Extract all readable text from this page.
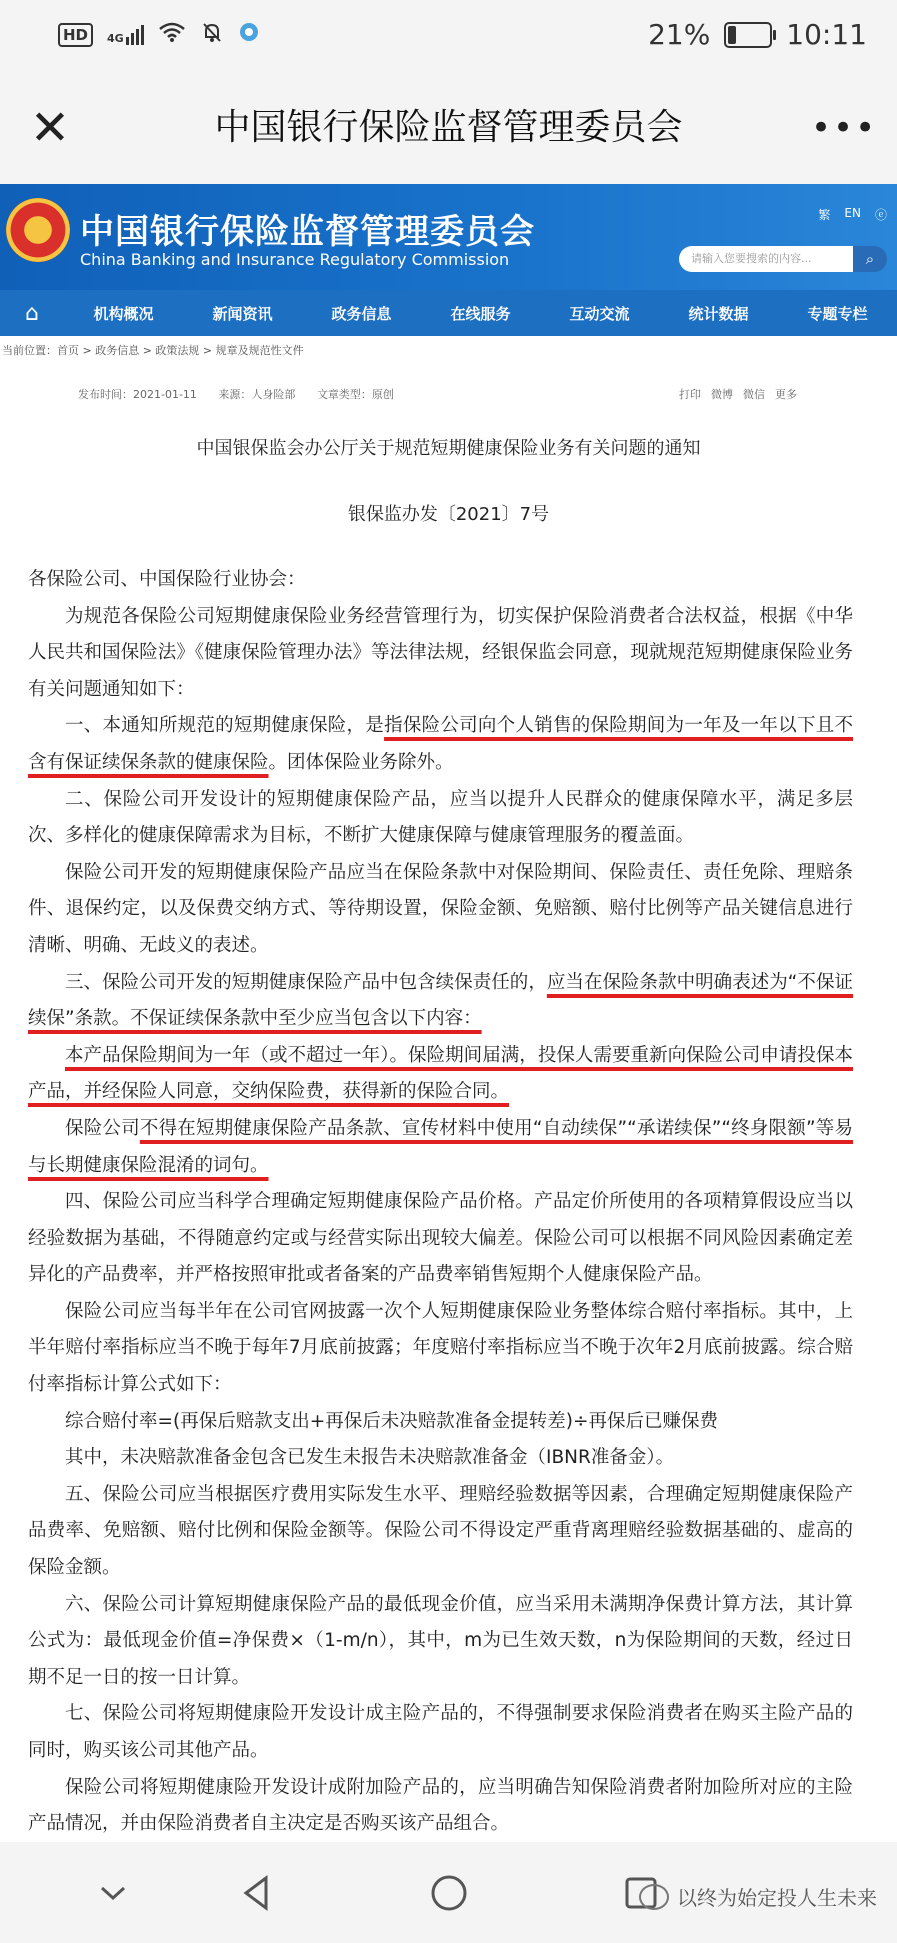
HD	4G	21%	10:11
✕	中国银行保险监督管理委员会	•••
中国银行保险监督管理委员会
China Banking and Insurance Regulatory Commission
繁 EN ⓔ
请输入您要搜索的内容...	⌕
⌂	机构概况	新闻资讯	政务信息	在线服务	互动交流	统计数据	专题专栏
当前位置：首页 > 政务信息 > 政策法规 > 规章及规范性文件
发布时间：2021-01-11 来源：人身险部 文章类型：原创	打印 微博 微信 更多
中国银保监会办公厅关于规范短期健康保险业务有关问题的通知
银保监办发〔2021〕7号

各保险公司、中国保险行业协会：

为规范各保险公司短期健康保险业务经营管理行为，切实保护保险消费者合法权益，根据《中华人民共和国保险法》《健康保险管理办法》等法律法规，经银保监会同意，现就规范短期健康保险业务有关问题通知如下：

一、本通知所规范的短期健康保险，是指保险公司向个人销售的保险期间为一年及一年以下且不含有保证续保条款的健康保险。团体保险业务除外。

二、保险公司开发设计的短期健康保险产品，应当以提升人民群众的健康保障水平，满足多层次、多样化的健康保障需求为目标，不断扩大健康保障与健康管理服务的覆盖面。

保险公司开发的短期健康保险产品应当在保险条款中对保险期间、保险责任、责任免除、理赔条件、退保约定，以及保费交纳方式、等待期设置，保险金额、免赔额、赔付比例等产品关键信息进行清晰、明确、无歧义的表述。

三、保险公司开发的短期健康保险产品中包含续保责任的，应当在保险条款中明确表述为“不保证续保”条款。不保证续保条款中至少应当包含以下内容：

本产品保险期间为一年（或不超过一年）。保险期间届满，投保人需要重新向保险公司申请投保本产品，并经保险人同意，交纳保险费，获得新的保险合同。

保险公司不得在短期健康保险产品条款、宣传材料中使用“自动续保”“承诺续保”“终身限额”等易与长期健康保险混淆的词句。

四、保险公司应当科学合理确定短期健康保险产品价格。产品定价所使用的各项精算假设应当以经验数据为基础，不得随意约定或与经营实际出现较大偏差。保险公司可以根据不同风险因素确定差异化的产品费率，并严格按照审批或者备案的产品费率销售短期个人健康保险产品。

保险公司应当每半年在公司官网披露一次个人短期健康保险业务整体综合赔付率指标。其中，上半年赔付率指标应当不晚于每年7月底前披露；年度赔付率指标应当不晚于次年2月底前披露。综合赔付率指标计算公式如下：

综合赔付率=(再保后赔款支出+再保后未决赔款准备金提转差)÷再保后已赚保费

其中，未决赔款准备金包含已发生未报告未决赔款准备金（IBNR准备金）。

五、保险公司应当根据医疗费用实际发生水平、理赔经验数据等因素，合理确定短期健康保险产品费率、免赔额、赔付比例和保险金额等。保险公司不得设定严重背离理赔经验数据基础的、虚高的保险金额。

六、保险公司计算短期健康保险产品的最低现金价值，应当采用未满期净保费计算方法，其计算公式为：最低现金价值=净保费×（1-m/n），其中，m为已生效天数，n为保险期间的天数，经过日期不足一日的按一日计算。

七、保险公司将短期健康险开发设计成主险产品的，不得强制要求保险消费者在购买主险产品的同时，购买该公司其他产品。

保险公司将短期健康险开发设计成附加险产品的，应当明确告知保险消费者附加险所对应的主险产品情况，并由保险消费者自主决定是否购买该产品组合。

以终为始定投人生未来
